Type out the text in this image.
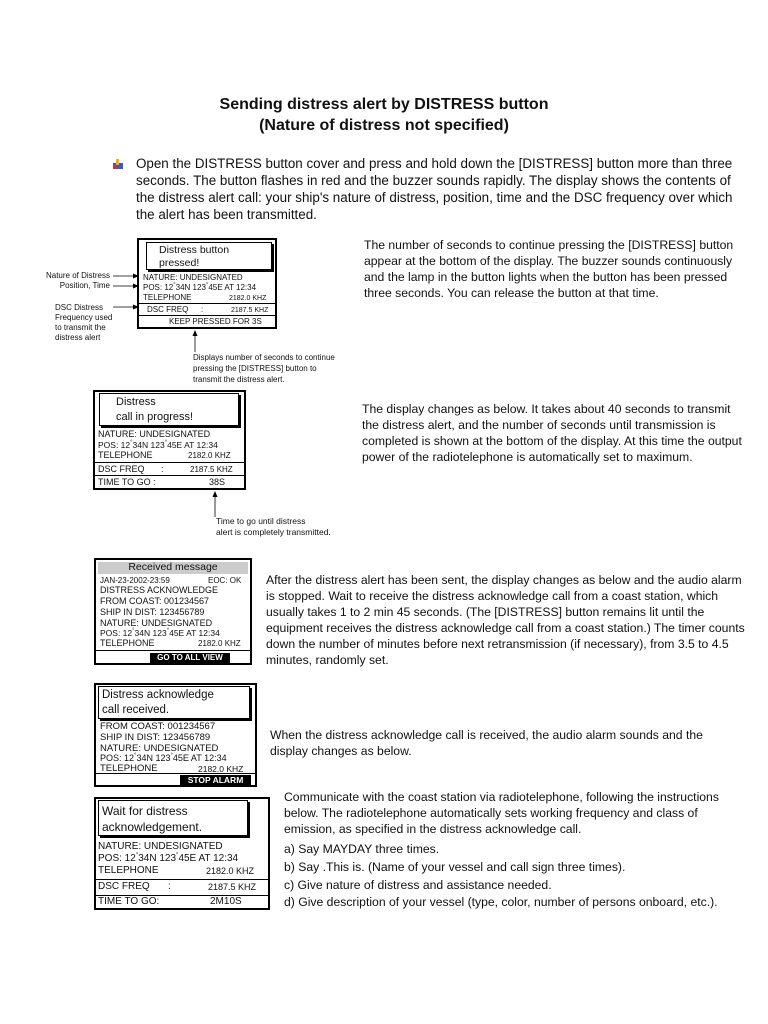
Sending distress alert by DISTRESS button
(Nature of distress not specified)
Open the DISTRESS button cover and press and hold down the [DISTRESS] button more than three seconds. The button flashes in red and the buzzer sounds rapidly. The display shows the contents of the distress alert call: your ship's nature of distress, position, time and the DSC frequency over which the alert has been transmitted.
Distress button
pressed!
NATURE: UNDESIGNATED
POS: 12°34N 123°45E AT 12:34
TELEPHONE	2182.0 KHZ
DSC FREQ :	2187.5 KHZ
KEEP PRESSED FOR 3S
Nature of Distress
Position, Time
DSC Distress
Frequency used
to transmit the
distress alert
Displays number of seconds to continue
pressing the [DISTRESS] button to
transmit the distress alert.
The number of seconds to continue pressing the [DISTRESS] button appear at the bottom of the display. The buzzer sounds continuously and the lamp in the button lights when the button has been pressed three seconds. You can release the button at that time.
Distress
call in progress!
NATURE: UNDESIGNATED
POS: 12°34N 123°45E AT 12:34
TELEPHONE	2182.0 KHZ
DSC FREQ :	2187.5 KHZ
TIME TO GO :	38S
Time to go until distress
alert is completely transmitted.
The display changes as below. It takes about 40 seconds to transmit the distress alert, and the number of seconds until transmission is completed is shown at the bottom of the display. At this time the output power of the radiotelephone is automatically set to maximum.
Received message
JAN-23-2002-23:59	EOC: OK
DISTRESS ACKNOWLEDGE
FROM COAST: 001234567
SHIP IN DIST: 123456789
NATURE: UNDESIGNATED
POS: 12°34N 123°45E AT 12:34
TELEPHONE	2182.0 KHZ
GO TO ALL VIEW
After the distress alert has been sent, the display changes as below and the audio alarm is stopped. Wait to receive the distress acknowledge call from a coast station, which usually takes 1 to 2 min 45 seconds. (The [DISTRESS] button remains lit until the equipment receives the distress acknowledge call from a coast station.) The timer counts down the number of minutes before next retransmission (if necessary), from 3.5 to 4.5 minutes, randomly set.
Distress acknowledge
call received.
FROM COAST: 001234567
SHIP IN DIST: 123456789
NATURE: UNDESIGNATED
POS: 12°34N 123°45E AT 12:34
TELEPHONE	2182.0 KHZ
STOP ALARM
When the distress acknowledge call is received, the audio alarm sounds and the display changes as below.
Wait for distress
acknowledgement.
NATURE: UNDESIGNATED
POS: 12°34N 123°45E AT 12:34
TELEPHONE	2182.0 KHZ
DSC FREQ :	2187.5 KHZ
TIME TO GO:	2M10S
Communicate with the coast station via radiotelephone, following the instructions below. The radiotelephone automatically sets working frequency and class of emission, as specified in the distress acknowledge call.
a) Say MAYDAY three times.
b) Say .This is. (Name of your vessel and call sign three times).
c) Give nature of distress and assistance needed.
d) Give description of your vessel (type, color, number of persons onboard, etc.).
